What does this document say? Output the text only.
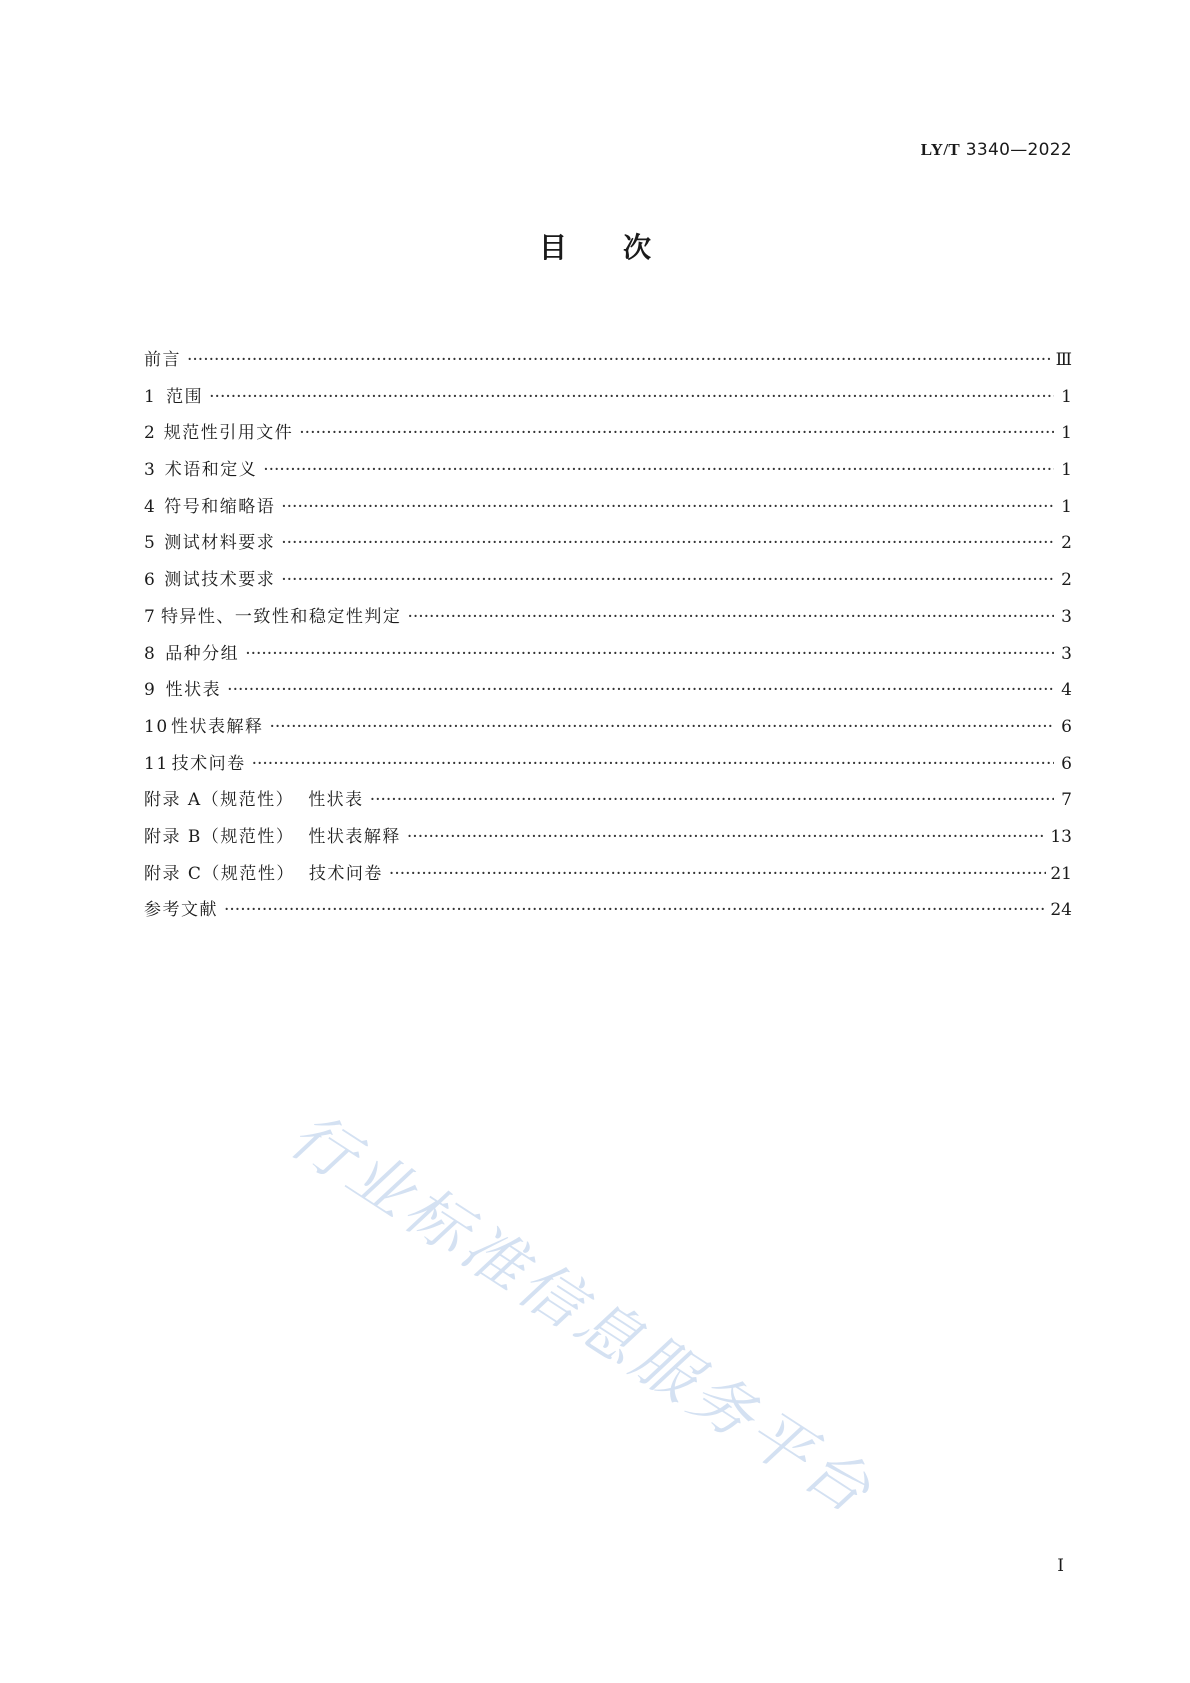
LY/T 3340—2022
目 次
前言 ·····	Ⅲ
1 范围 ·····	1
2 规范性引用文件 ·····	1
3 术语和定义 ·····	1
4 符号和缩略语 ·····	1
5 测试材料要求 ·····	2
6 测试技术要求 ·····	2
7 特异性、一致性和稳定性判定 ·····	3
8 品种分组 ·····	3
9 性状表 ·····	4
10 性状表解释 ·····	6
11 技术问卷 ·····	6
附录 A（规范性） 性状表 ·····	7
附录 B（规范性） 性状表解释 ·····	13
附录 C（规范性） 技术问卷 ·····	21
参考文献 ·····	24
行业标准信息服务平台
I
